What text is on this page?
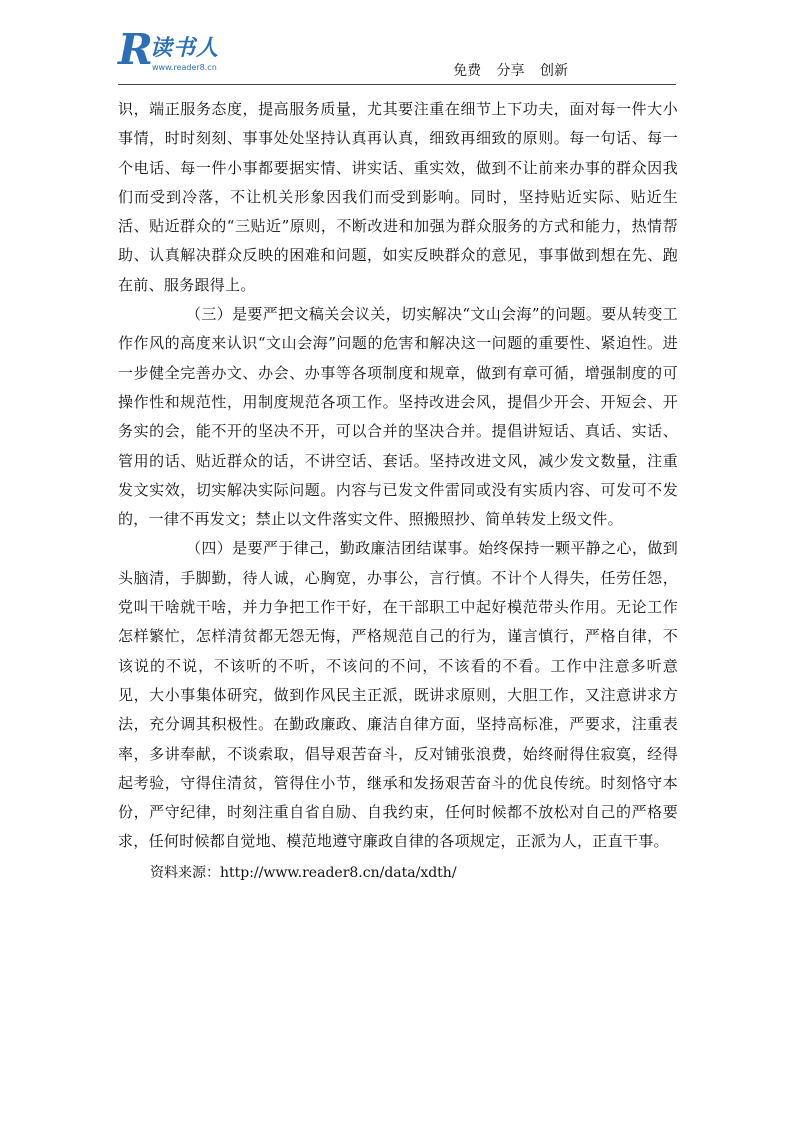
R
读书人
www.reader8.cn	免费 分享 创新

识，端正服务态度，提高服务质量，尤其要注重在细节上下功夫，面对每一件大小事情，时时刻刻、事事处处坚持认真再认真，细致再细致的原则。每一句话、每一个电话、每一件小事都要据实情、讲实话、重实效，做到不让前来办事的群众因我们而受到冷落，不让机关形象因我们而受到影响。同时，坚持贴近实际、贴近生活、贴近群众的“三贴近”原则，不断改进和加强为群众服务的方式和能力，热情帮助、认真解决群众反映的困难和问题，如实反映群众的意见，事事做到想在先、跑在前、服务跟得上。

（三）是要严把文稿关会议关，切实解决“文山会海”的问题。要从转变工作作风的高度来认识“文山会海”问题的危害和解决这一问题的重要性、紧迫性。进一步健全完善办文、办会、办事等各项制度和规章，做到有章可循，增强制度的可操作性和规范性，用制度规范各项工作。坚持改进会风，提倡少开会、开短会、开务实的会，能不开的坚决不开，可以合并的坚决合并。提倡讲短话、真话、实话、管用的话、贴近群众的话，不讲空话、套话。坚持改进文风，减少发文数量，注重发文实效，切实解决实际问题。内容与已发文件雷同或没有实质内容、可发可不发的，一律不再发文；禁止以文件落实文件、照搬照抄、简单转发上级文件。

（四）是要严于律己，勤政廉洁团结谋事。始终保持一颗平静之心，做到头脑清，手脚勤，待人诚，心胸宽，办事公，言行慎。不计个人得失，任劳任怨，党叫干啥就干啥，并力争把工作干好，在干部职工中起好模范带头作用。无论工作怎样繁忙，怎样清贫都无怨无悔，严格规范自己的行为，谨言慎行，严格自律，不该说的不说，不该听的不听，不该问的不问，不该看的不看。工作中注意多听意见，大小事集体研究，做到作风民主正派，既讲求原则，大胆工作，又注意讲求方法，充分调其积极性。在勤政廉政、廉洁自律方面，坚持高标准，严要求，注重表率，多讲奉献，不谈索取，倡导艰苦奋斗，反对铺张浪费，始终耐得住寂寞，经得起考验，守得住清贫，管得住小节，继承和发扬艰苦奋斗的优良传统。时刻恪守本份，严守纪律，时刻注重自省自励、自我约束，任何时候都不放松对自己的严格要求，任何时候都自觉地、模范地遵守廉政自律的各项规定，正派为人，正直干事。

资料来源：http://www.reader8.cn/data/xdth/
